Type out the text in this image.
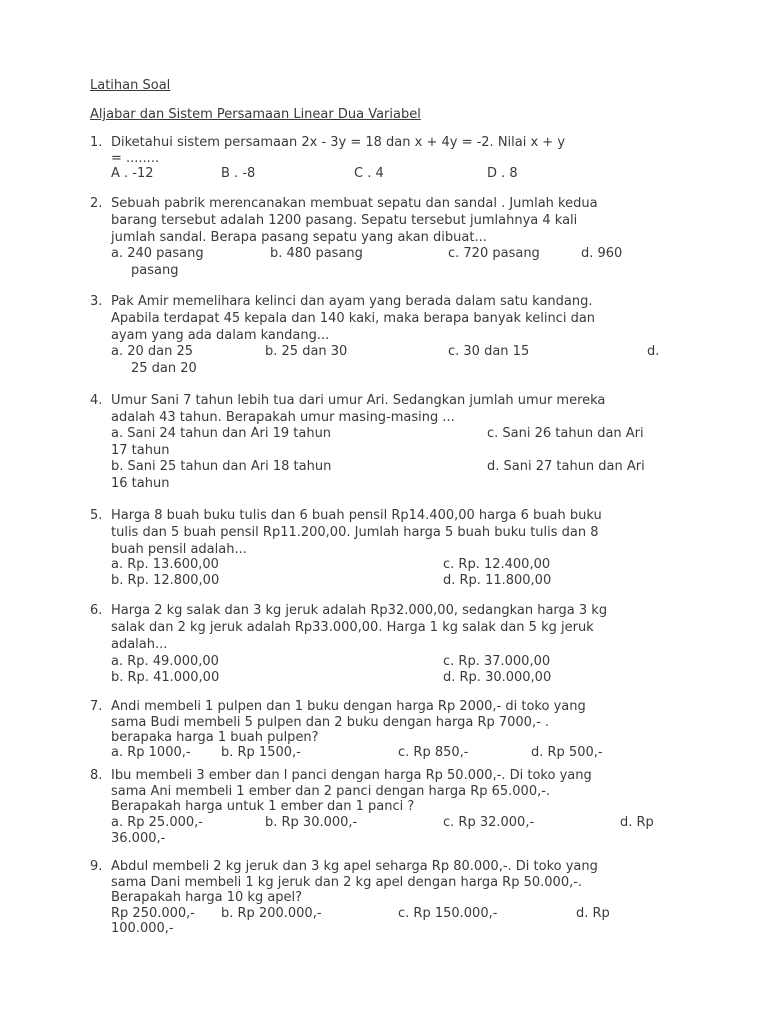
Latihan Soal
Aljabar dan Sistem Persamaan Linear Dua Variabel
1. Diketahui sistem persamaan 2x - 3y = 18 dan x + 4y = -2. Nilai x + y
= ........
A . -12	B . -8	C . 4	D . 8
2. Sebuah pabrik merencanakan membuat sepatu dan sandal . Jumlah kedua
barang tersebut adalah 1200 pasang. Sepatu tersebut jumlahnya 4 kali
jumlah sandal. Berapa pasang sepatu yang akan dibuat...
a. 240 pasang	b. 480 pasang	c. 720 pasang	d. 960
pasang
3. Pak Amir memelihara kelinci dan ayam yang berada dalam satu kandang.
Apabila terdapat 45 kepala dan 140 kaki, maka berapa banyak kelinci dan
ayam yang ada dalam kandang...
a. 20 dan 25	b. 25 dan 30	c. 30 dan 15	d.
25 dan 20
4. Umur Sani 7 tahun lebih tua dari umur Ari. Sedangkan jumlah umur mereka
adalah 43 tahun. Berapakah umur masing-masing ...
a. Sani 24 tahun dan Ari 19 tahun	c. Sani 26 tahun dan Ari
17 tahun
b. Sani 25 tahun dan Ari 18 tahun	d. Sani 27 tahun dan Ari
16 tahun
5. Harga 8 buah buku tulis dan 6 buah pensil Rp14.400,00 harga 6 buah buku
tulis dan 5 buah pensil Rp11.200,00. Jumlah harga 5 buah buku tulis dan 8
buah pensil adalah...
a. Rp. 13.600,00	c. Rp. 12.400,00
b. Rp. 12.800,00	d. Rp. 11.800,00
6. Harga 2 kg salak dan 3 kg jeruk adalah Rp32.000,00, sedangkan harga 3 kg
salak dan 2 kg jeruk adalah Rp33.000,00. Harga 1 kg salak dan 5 kg jeruk
adalah...
a. Rp. 49.000,00	c. Rp. 37.000,00
b. Rp. 41.000,00	d. Rp. 30.000,00
7. Andi membeli 1 pulpen dan 1 buku dengan harga Rp 2000,- di toko yang
sama Budi membeli 5 pulpen dan 2 buku dengan harga Rp 7000,- .
berapaka harga 1 buah pulpen?
a. Rp 1000,- b. Rp 1500,-	c. Rp 850,-	d. Rp 500,-
8. Ibu membeli 3 ember dan l panci dengan harga Rp 50.000,-. Di toko yang
sama Ani membeli 1 ember dan 2 panci dengan harga Rp 65.000,-.
Berapakah harga untuk 1 ember dan 1 panci ?
a. Rp 25.000,-	b. Rp 30.000,-	c. Rp 32.000,-	d. Rp
36.000,-
9. Abdul membeli 2 kg jeruk dan 3 kg apel seharga Rp 80.000,-. Di toko yang
sama Dani membeli 1 kg jeruk dan 2 kg apel dengan harga Rp 50.000,-.
Berapakah harga 10 kg apel?
Rp 250.000,- b. Rp 200.000,-	c. Rp 150.000,-	d. Rp
100.000,-
